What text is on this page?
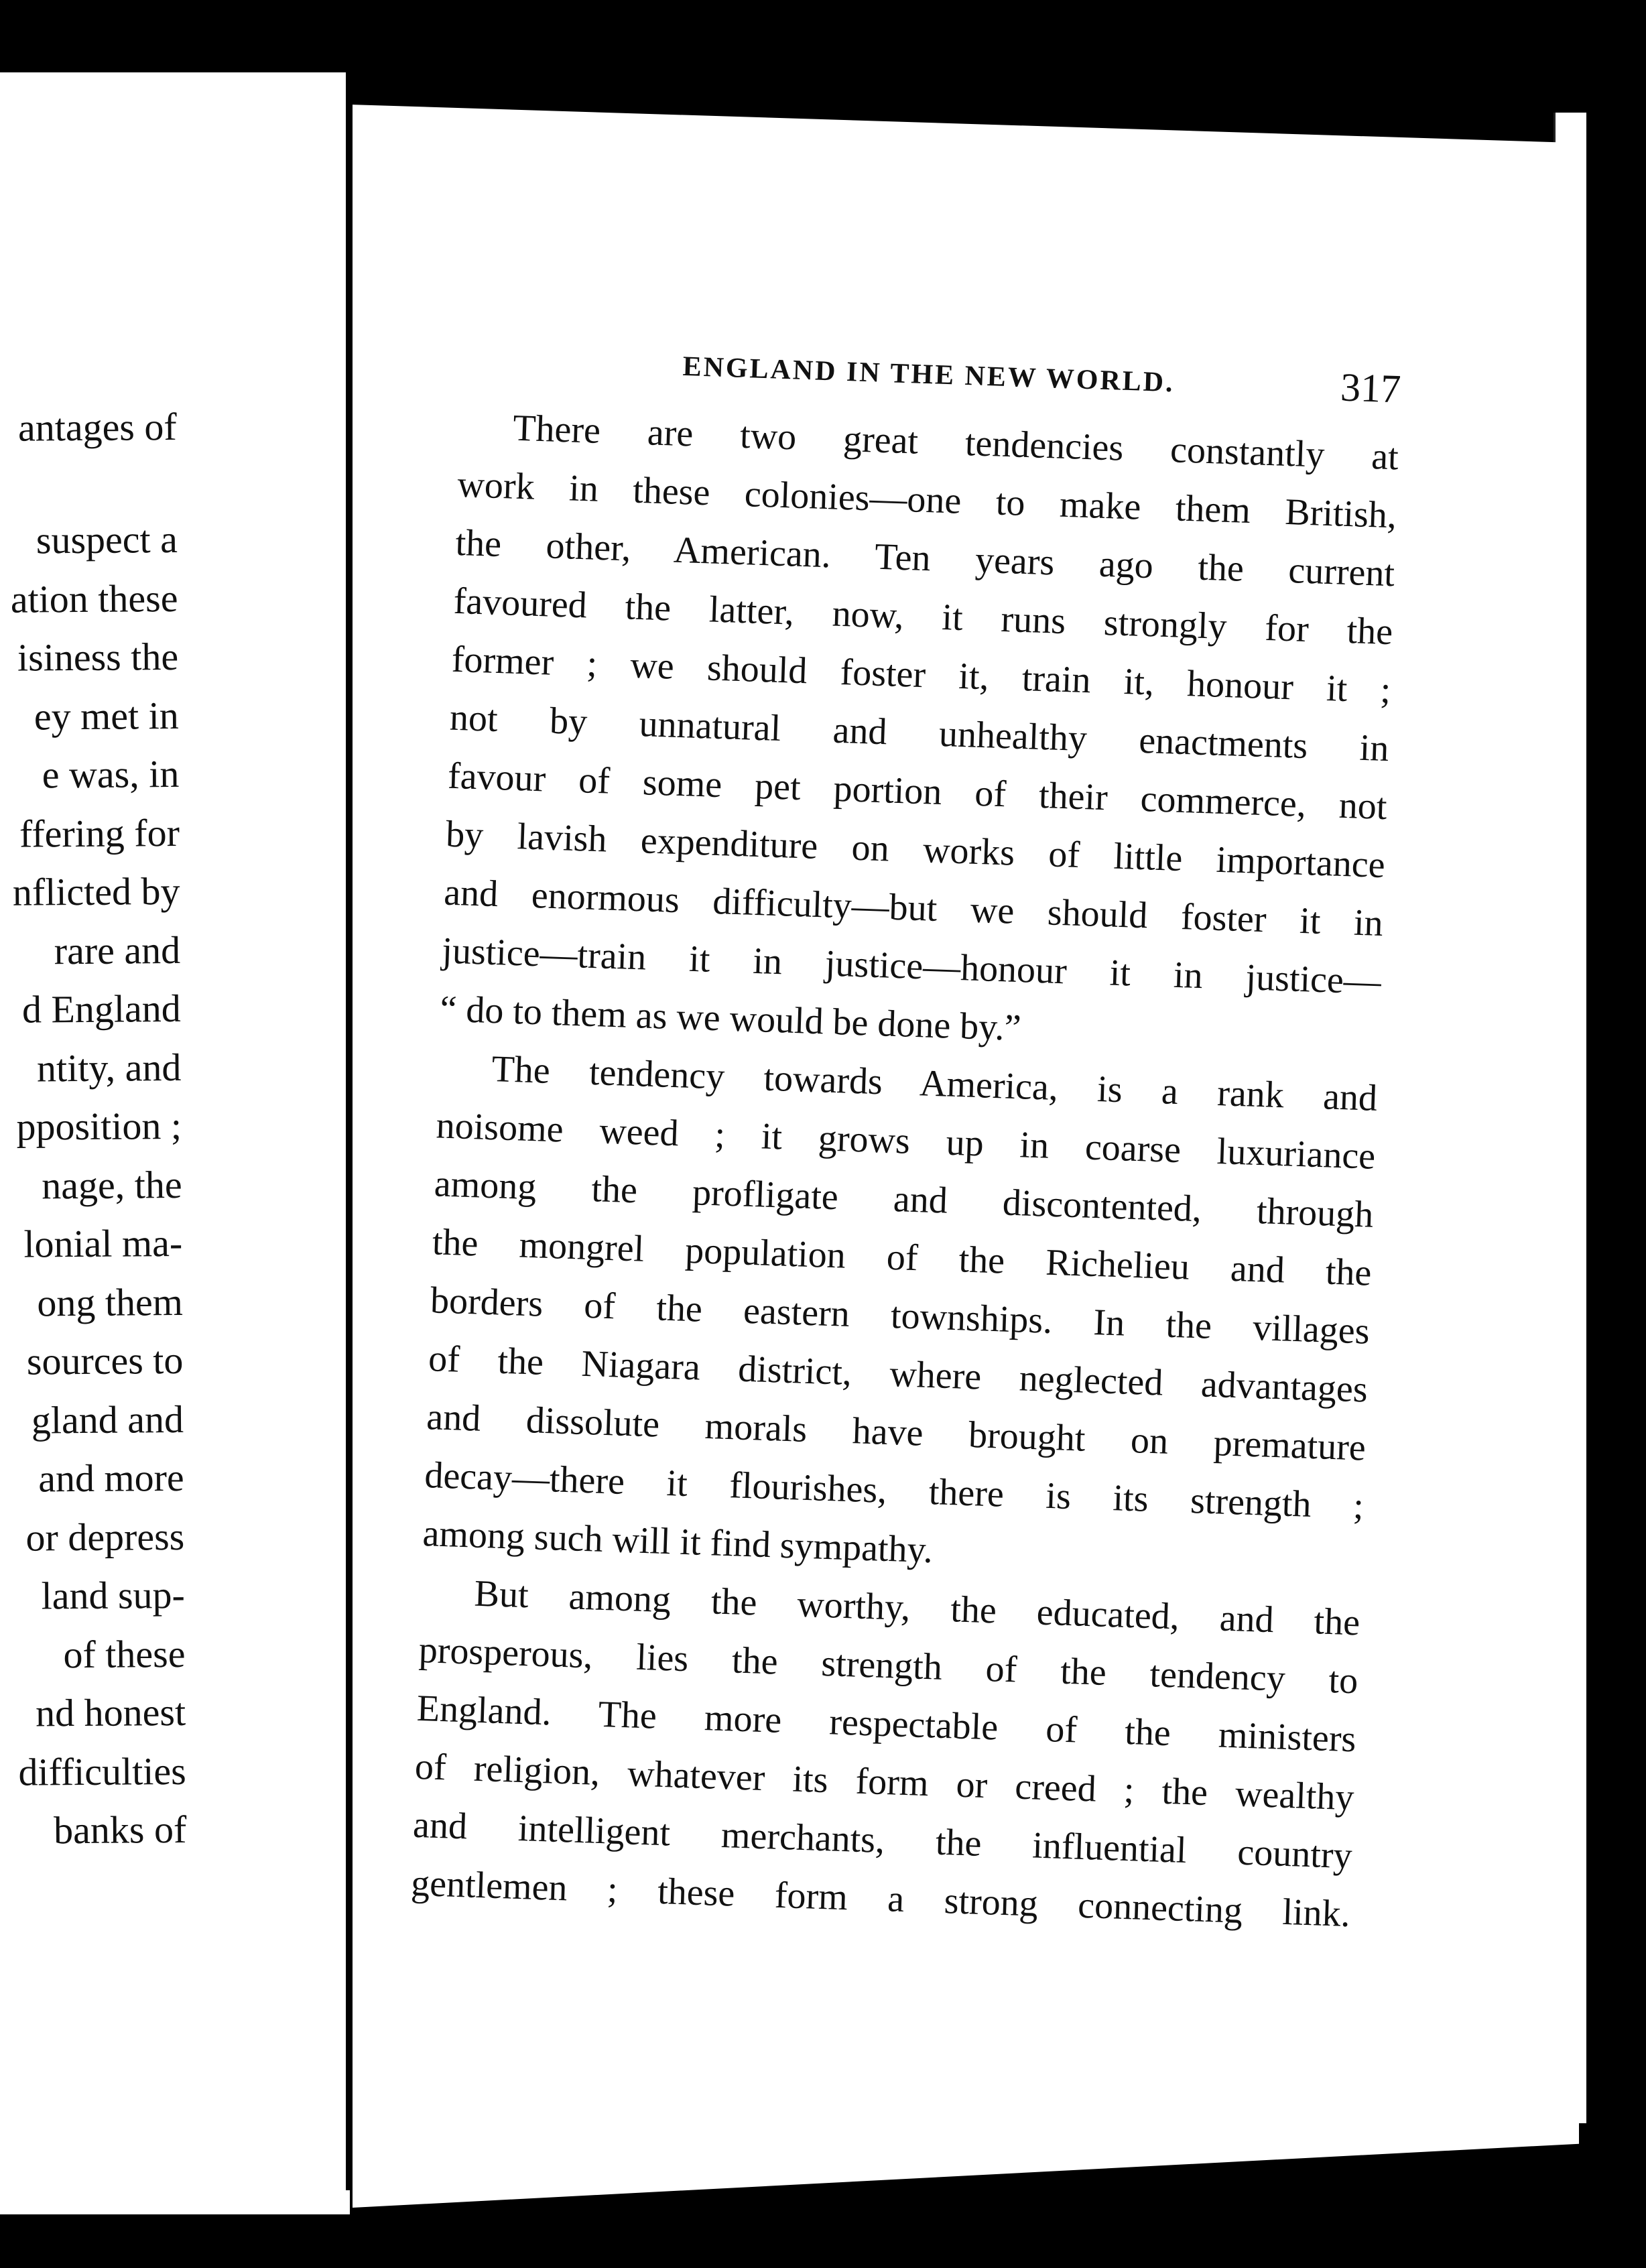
antages of
suspect a
ation these
isiness the
ey met in
e was, in
ffering for
nflicted by
rare and
d England
ntity, and
pposition ;
nage, the
lonial ma-
ong them
sources to
gland and
and more
or depress
land sup-
of these
nd honest
difficulties
banks of
ENGLAND IN THE NEW WORLD.	317
There are two great tendencies constantly at
work in these colonies—one to make them British,
the other, American. Ten years ago the current
favoured the latter, now, it runs strongly for the
former ; we should foster it, train it, honour it ;
not by unnatural and unhealthy enactments in
favour of some pet portion of their commerce, not
by lavish expenditure on works of little importance
and enormous difficulty—but we should foster it in
justice—train it in justice—honour it in justice—
“ do to them as we would be done by.”
The tendency towards America, is a rank and
noisome weed ; it grows up in coarse luxuriance
among the profligate and discontented, through
the mongrel population of the Richelieu and the
borders of the eastern townships. In the villages
of the Niagara district, where neglected advantages
and dissolute morals have brought on premature
decay—there it flourishes, there is its strength ;
among such will it find sympathy.
But among the worthy, the educated, and the
prosperous, lies the strength of the tendency to
England. The more respectable of the ministers
of religion, whatever its form or creed ; the wealthy
and intelligent merchants, the influential country
gentlemen ; these form a strong connecting link.
